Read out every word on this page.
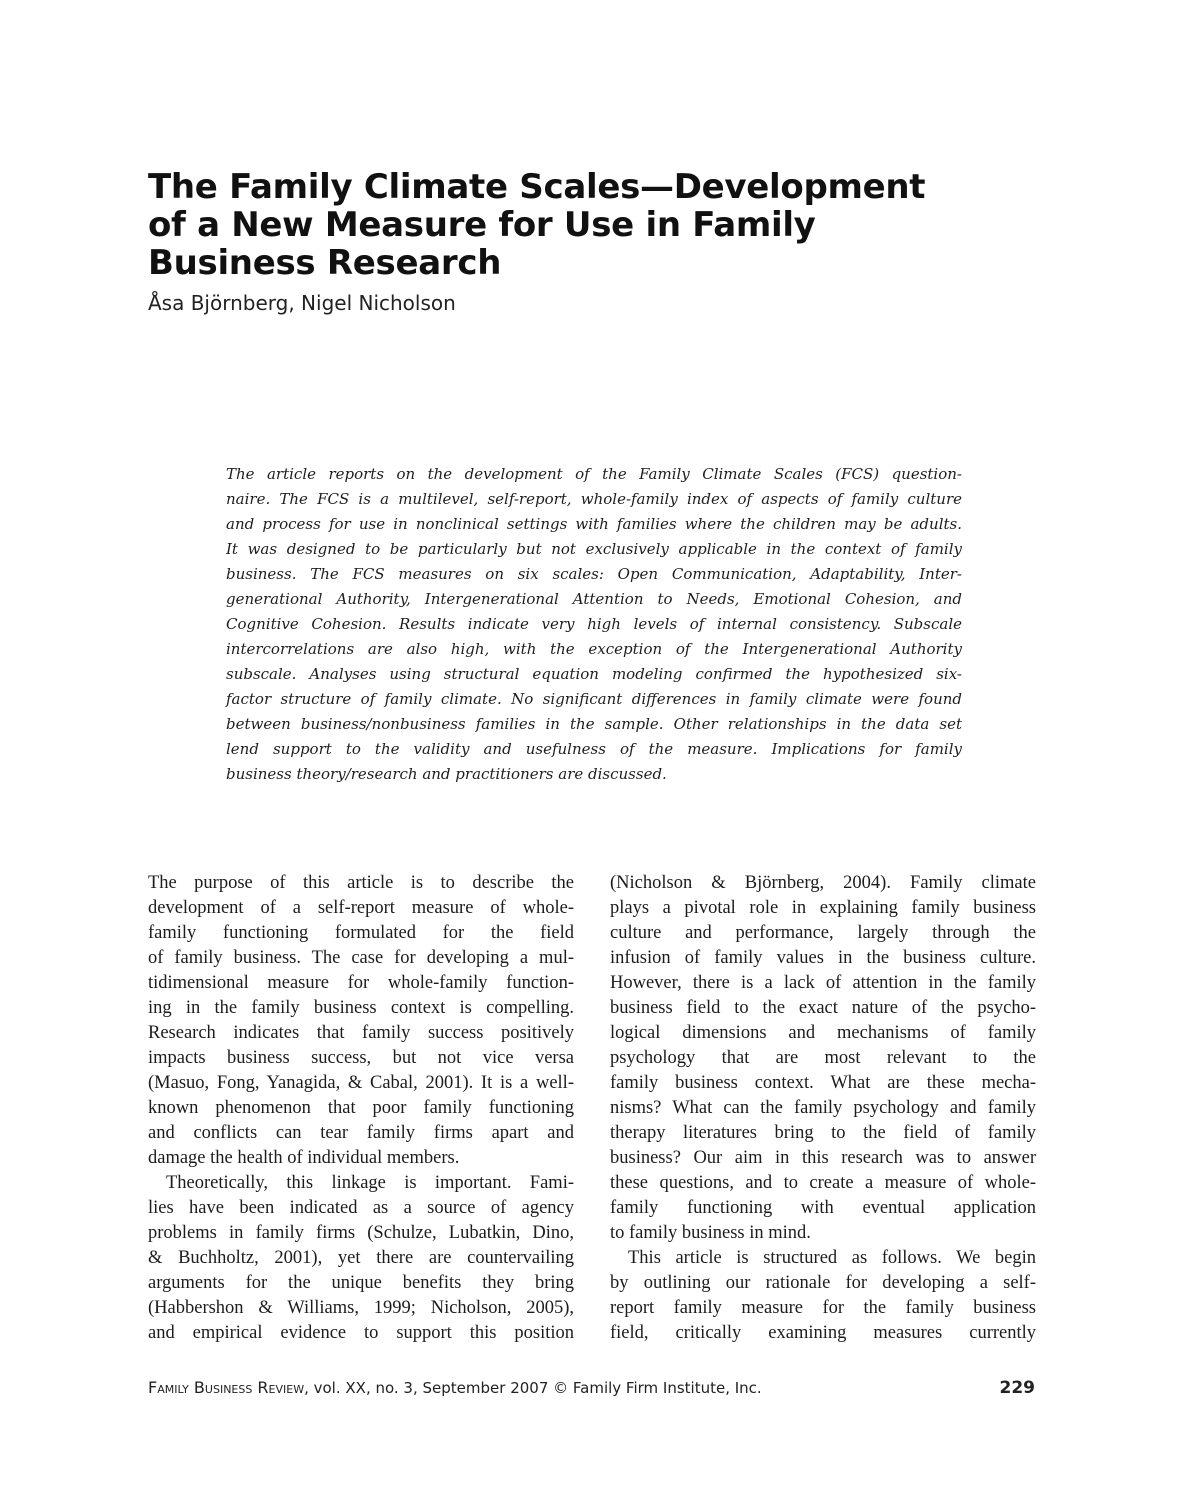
The Family Climate Scales—Development
of a New Measure for Use in Family
Business Research
Åsa Björnberg, Nigel Nicholson
The article reports on the development of the Family Climate Scales (FCS) question-
naire. The FCS is a multilevel, self-report, whole-family index of aspects of family culture
and process for use in nonclinical settings with families where the children may be adults.
It was designed to be particularly but not exclusively applicable in the context of family
business. The FCS measures on six scales: Open Communication, Adaptability, Inter-
generational Authority, Intergenerational Attention to Needs, Emotional Cohesion, and
Cognitive Cohesion. Results indicate very high levels of internal consistency. Subscale
intercorrelations are also high, with the exception of the Intergenerational Authority
subscale. Analyses using structural equation modeling confirmed the hypothesized six-
factor structure of family climate. No significant differences in family climate were found
between business/nonbusiness families in the sample. Other relationships in the data set
lend support to the validity and usefulness of the measure. Implications for family
business theory/research and practitioners are discussed.
The purpose of this article is to describe the
development of a self-report measure of whole-
family functioning formulated for the field
of family business. The case for developing a mul-
tidimensional measure for whole-family function-
ing in the family business context is compelling.
Research indicates that family success positively
impacts business success, but not vice versa
(Masuo, Fong, Yanagida, & Cabal, 2001). It is a well-
known phenomenon that poor family functioning
and conflicts can tear family firms apart and
damage the health of individual members.
Theoretically, this linkage is important. Fami-
lies have been indicated as a source of agency
problems in family firms (Schulze, Lubatkin, Dino,
& Buchholtz, 2001), yet there are countervailing
arguments for the unique benefits they bring
(Habbershon & Williams, 1999; Nicholson, 2005),
and empirical evidence to support this position
(Nicholson & Björnberg, 2004). Family climate
plays a pivotal role in explaining family business
culture and performance, largely through the
infusion of family values in the business culture.
However, there is a lack of attention in the family
business field to the exact nature of the psycho-
logical dimensions and mechanisms of family
psychology that are most relevant to the
family business context. What are these mecha-
nisms? What can the family psychology and family
therapy literatures bring to the field of family
business? Our aim in this research was to answer
these questions, and to create a measure of whole-
family functioning with eventual application
to family business in mind.
This article is structured as follows. We begin
by outlining our rationale for developing a self-
report family measure for the family business
field, critically examining measures currently
Family Business Review, vol. XX, no. 3, September 2007 © Family Firm Institute, Inc.	229
